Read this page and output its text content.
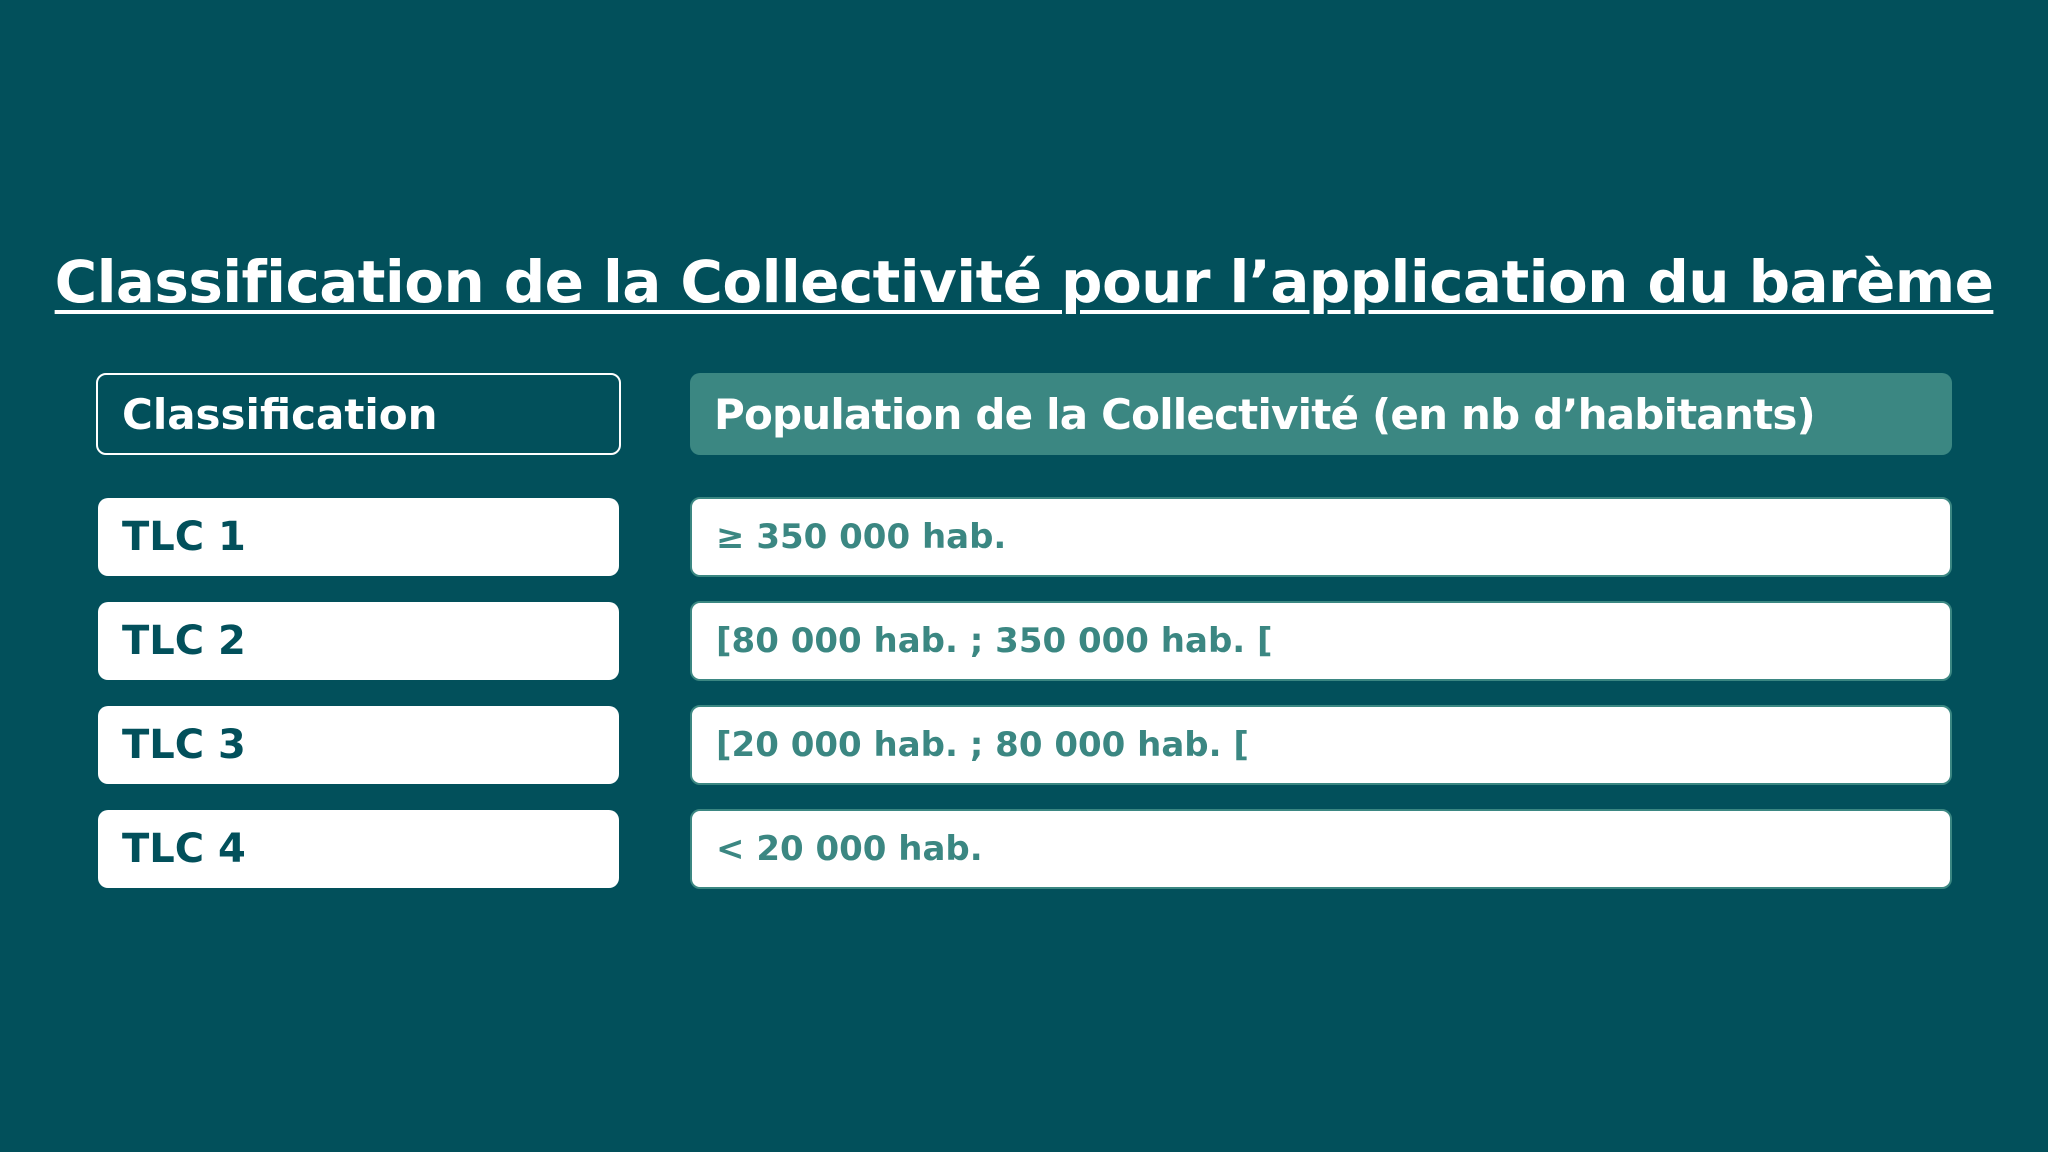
Classification de la Collectivité pour l’application du barème
Classification	Population de la Collectivité (en nb d’habitants)
TLC 1	≥ 350 000 hab.
TLC 2	[80 000 hab. ; 350 000 hab. [
TLC 3	[20 000 hab. ; 80 000 hab. [
TLC 4	< 20 000 hab.
